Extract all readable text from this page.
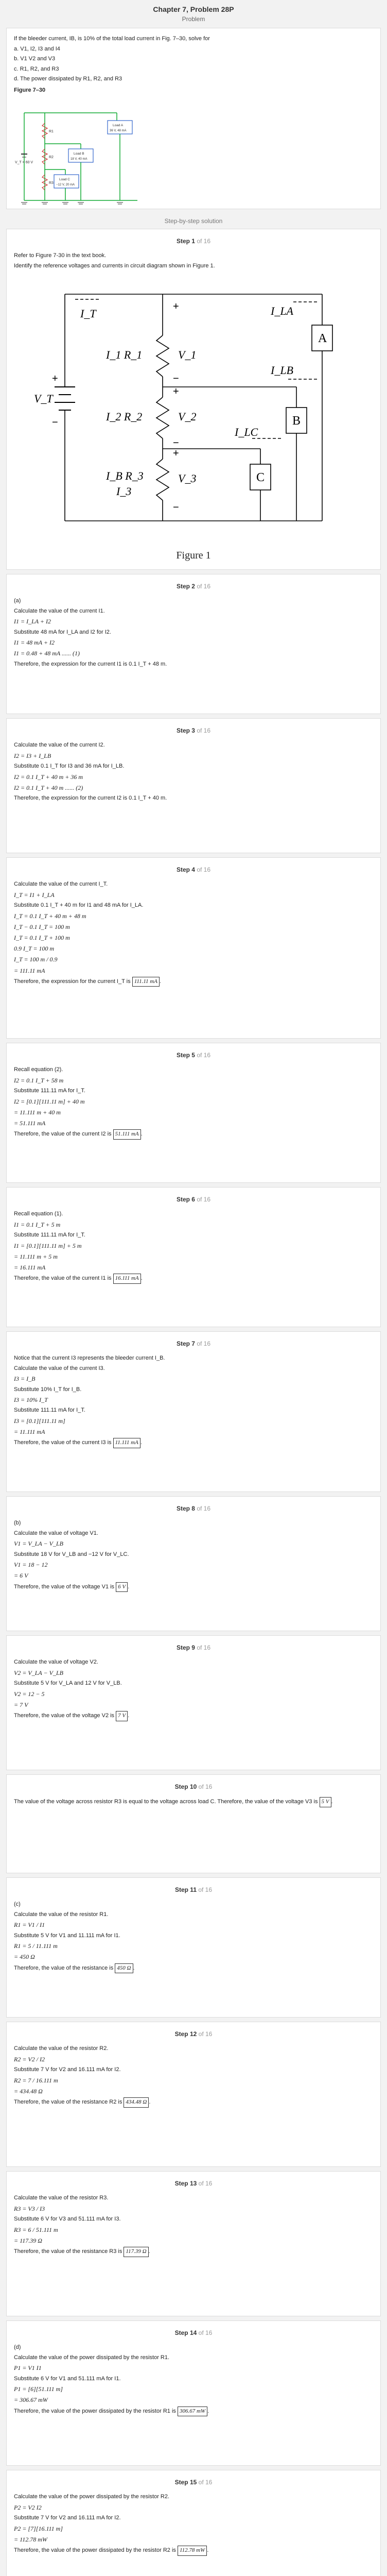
Chapter 7, Problem 28P
Problem
If the bleeder current, IB, is 10% of the total load current in Fig. 7–30, solve for
a. V1, I2, I3 and I4
b. V1 V2 and V3
c. R1, R2, and R3
d. The power dissipated by R1, R2, and R3
Figure 7–30
V_T = 60 V
R1
R2
R3
Load A
36 V, 48 mA
Load B
18 V, 40 mA
Load C
−12 V, 20 mA
Step-by-step solution
Step 1 of 16
Refer to Figure 7-30 in the text book.
Identify the reference voltages and currents in circuit diagram shown in Figure 1.
I_T	I_LA
I_LB
I_LC
V_1
V_2
V_3
V_T
I_1 R_1
I_2 R_2
I_B R_3
I_3
A
B
C
+
−
+
−
+
−
+
−
Figure 1
Step 2 of 16
(a)
Calculate the value of the current I1.
I1 = I_LA + I2
Substitute 48 mA for I_LA and I2 for I2.
I1 = 48 mA + I2
I1 = 0.48 + 48 mA ...... (1)
Therefore, the expression for the current I1 is 0.1 I_T + 48 m.
Step 3 of 16
Calculate the value of the current I2.
I2 = I3 + I_LB
Substitute 0.1 I_T for I3 and 36 mA for I_LB.
I2 = 0.1 I_T + 40 m + 36 m
I2 = 0.1 I_T + 40 m ...... (2)
Therefore, the expression for the current I2 is 0.1 I_T + 40 m.
Step 4 of 16
Calculate the value of the current I_T.
I_T = I1 + I_LA
Substitute 0.1 I_T + 40 m for I1 and 48 mA for I_LA.
I_T = 0.1 I_T + 40 m + 48 m
I_T − 0.1 I_T = 100 m
I_T = 0.1 I_T + 100 m
0.9 I_T = 100 m
I_T = 100 m / 0.9
= 111.11 mA
Therefore, the expression for the current I_T is 111.11 mA .
Step 5 of 16
Recall equation (2).
I2 = 0.1 I_T + 58 m
Substitute 111.11 mA for I_T.
I2 = [0.1][111.11 m] + 40 m
= 11.111 m + 40 m
= 51.111 mA
Therefore, the value of the current I2 is 51.111 mA .
Step 6 of 16
Recall equation (1).
I1 = 0.1 I_T + 5 m
Substitute 111.11 mA for I_T.
I1 = [0.1][111.11 m] + 5 m
= 11.111 m + 5 m
= 16.111 mA
Therefore, the value of the current I1 is 16.111 mA .
Step 7 of 16
Notice that the current I3 represents the bleeder current I_B.
Calculate the value of the current I3.
I3 = I_B
Substitute 10% I_T for I_B.
I3 = 10% I_T
Substitute 111.11 mA for I_T.
I3 = [0.1][111.11 m]
= 11.111 mA
Therefore, the value of the current I3 is 11.111 mA .
Step 8 of 16
(b)
Calculate the value of voltage V1.
V1 = V_LA − V_LB
Substitute 18 V for V_LB and −12 V for V_LC.
V1 = 18 − 12
= 6 V
Therefore, the value of the voltage V1 is 6 V .
Step 9 of 16
Calculate the value of voltage V2.
V2 = V_LA − V_LB
Substitute 5 V for V_LA and 12 V for V_LB.
V2 = 12 − 5
= 7 V
Therefore, the value of the voltage V2 is 7 V .
Step 10 of 16
The value of the voltage across resistor R3 is equal to the voltage across load C. Therefore, the value of the voltage V3 is 5 V .
Step 11 of 16
(c)
Calculate the value of the resistor R1.
R1 = V1 / I1
Substitute 5 V for V1 and 11.111 mA for I1.
R1 = 5 / 11.111 m
= 450 Ω
Therefore, the value of the resistance is 450 Ω .
Step 12 of 16
Calculate the value of the resistor R2.
R2 = V2 / I2
Substitute 7 V for V2 and 16.111 mA for I2.
R2 = 7 / 16.111 m
= 434.48 Ω
Therefore, the value of the resistance R2 is 434.48 Ω .
Step 13 of 16
Calculate the value of the resistor R3.
R3 = V3 / I3
Substitute 6 V for V3 and 51.111 mA for I3.
R3 = 6 / 51.111 m
= 117.39 Ω
Therefore, the value of the resistance R3 is 117.39 Ω .
Step 14 of 16
(d)
Calculate the value of the power dissipated by the resistor R1.
P1 = V1 I1
Substitute 6 V for V1 and 51.111 mA for I1.
P1 = [6][51.111 m]
= 306.67 mW
Therefore, the value of the power dissipated by the resistor R1 is 306.67 mW .
Step 15 of 16
Calculate the value of the power dissipated by the resistor R2.
P2 = V2 I2
Substitute 7 V for V2 and 16.111 mA for I2.
P2 = [7][16.111 m]
= 112.78 mW
Therefore, the value of the power dissipated by the resistor R2 is 112.78 mW .
